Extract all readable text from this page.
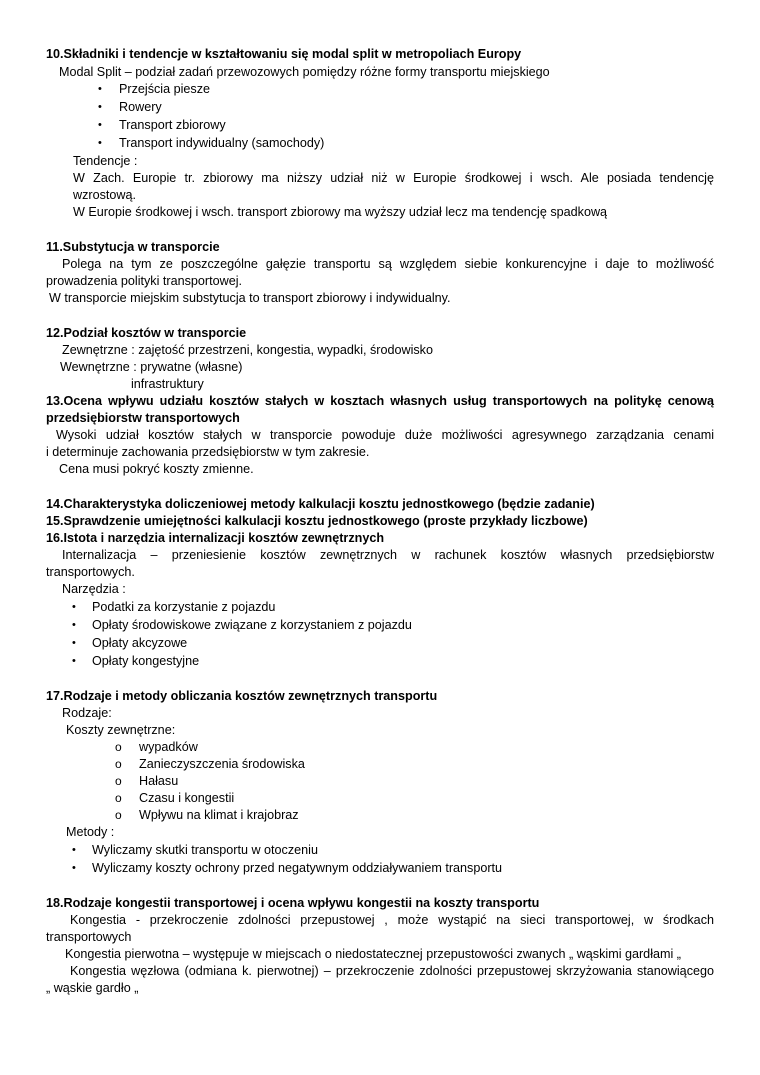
10.Składniki i tendencje w kształtowaniu się modal split w metropoliach Europy
Modal Split – podział zadań przewozowych pomiędzy różne formy transportu miejskiego
• Przejścia piesze
• Rowery
• Transport zbiorowy
• Transport indywidualny (samochody)
Tendencje :
W Zach. Europie tr. zbiorowy ma niższy udział niż w Europie środkowej i wsch. Ale posiada tendencję
wzrostową.
W Europie środkowej i wsch. transport zbiorowy ma wyższy udział lecz ma tendencję spadkową
11.Substytucja w transporcie
Polega na tym ze poszczególne gałęzie transportu są względem siebie konkurencyjne i daje to możliwość
prowadzenia polityki transportowej.
W transporcie miejskim substytucja to transport zbiorowy i indywidualny.
12.Podział kosztów w transporcie
Zewnętrzne : zajętość przestrzeni, kongestia, wypadki, środowisko
Wewnętrzne : prywatne (własne)
infrastruktury
13.Ocena wpływu udziału kosztów stałych w kosztach własnych usług transportowych na politykę cenową
przedsiębiorstw transportowych
Wysoki udział kosztów stałych w transporcie powoduje duże możliwości agresywnego zarządzania cenami
i determinuje zachowania przedsiębiorstw w tym zakresie.
Cena musi pokryć koszty zmienne.
14.Charakterystyka doliczeniowej metody kalkulacji kosztu jednostkowego (będzie zadanie)
15.Sprawdzenie umiejętności kalkulacji kosztu jednostkowego (proste przykłady liczbowe)
16.Istota i narzędzia internalizacji kosztów zewnętrznych
Internalizacja – przeniesienie kosztów zewnętrznych w rachunek kosztów własnych przedsiębiorstw
transportowych.
Narzędzia :
• Podatki za korzystanie z pojazdu
• Opłaty środowiskowe związane z korzystaniem z pojazdu
• Opłaty akcyzowe
• Opłaty kongestyjne
17.Rodzaje i metody obliczania kosztów zewnętrznych transportu
Rodzaje:
Koszty zewnętrzne:
o wypadków
o Zanieczyszczenia środowiska
o Hałasu
o Czasu i kongestii
o Wpływu na klimat i krajobraz
Metody :
• Wyliczamy skutki transportu w otoczeniu
• Wyliczamy koszty ochrony przed negatywnym oddziaływaniem transportu
18.Rodzaje kongestii transportowej i ocena wpływu kongestii na koszty transportu
Kongestia - przekroczenie zdolności przepustowej , może wystąpić na sieci transportowej, w środkach
transportowych
Kongestia pierwotna – występuje w miejscach o niedostatecznej przepustowości zwanych „ wąskimi gardłami „
Kongestia węzłowa (odmiana k. pierwotnej) – przekroczenie zdolności przepustowej skrzyżowania stanowiącego
„ wąskie gardło „
